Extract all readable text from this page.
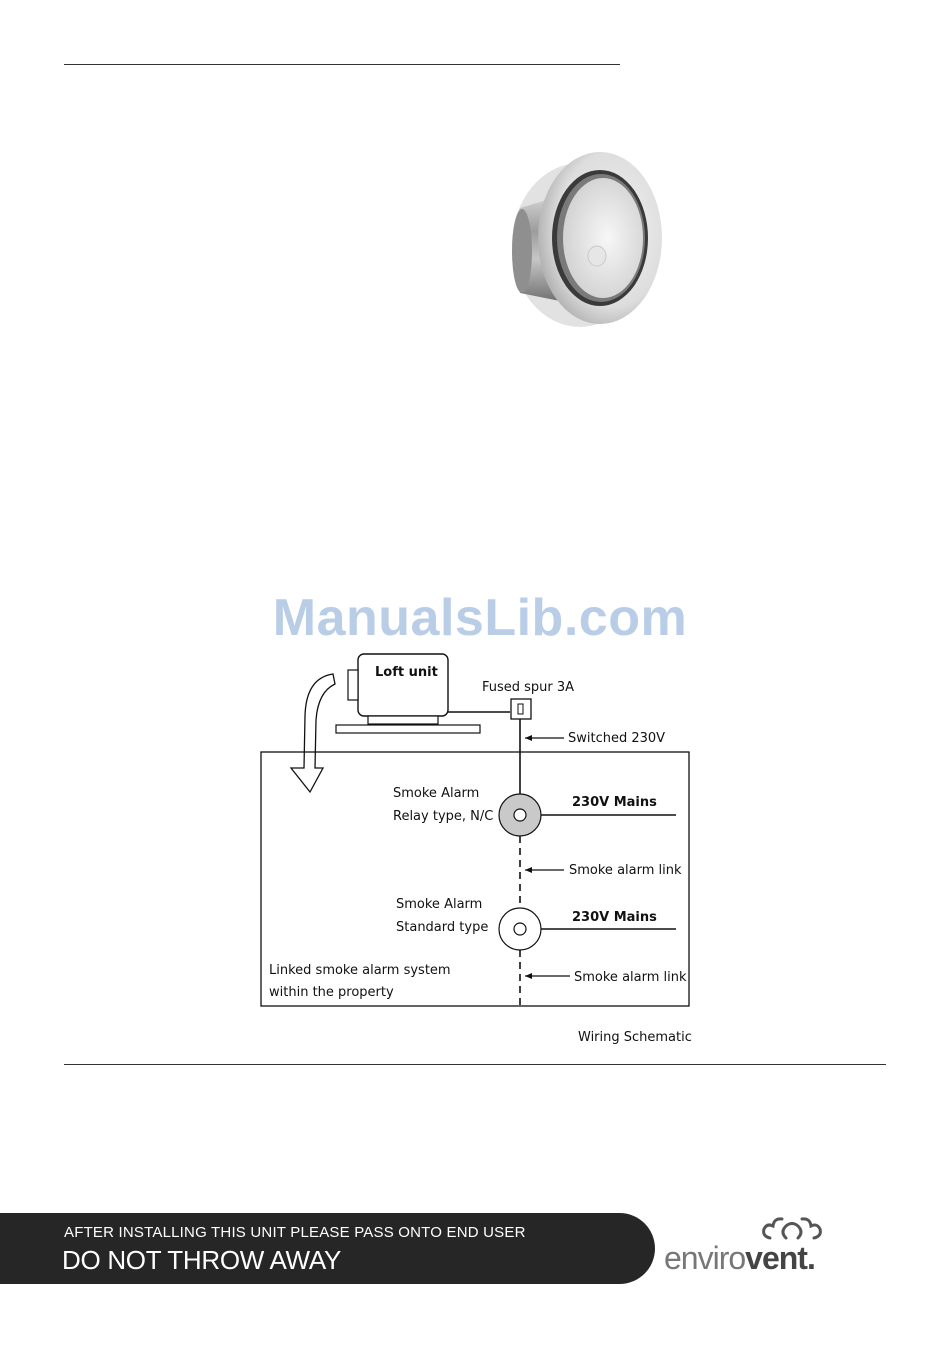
ManualsLib.com
Loft unit
Fused spur 3A
Switched 230V
Smoke Alarm
Relay type, N/C
230V Mains
Smoke alarm link
Smoke Alarm
Standard type
230V Mains
Smoke alarm link
Linked smoke alarm system
within the property
Wiring Schematic
AFTER INSTALLING THIS UNIT PLEASE PASS ONTO END USER
DO NOT THROW AWAY	envirovent.
